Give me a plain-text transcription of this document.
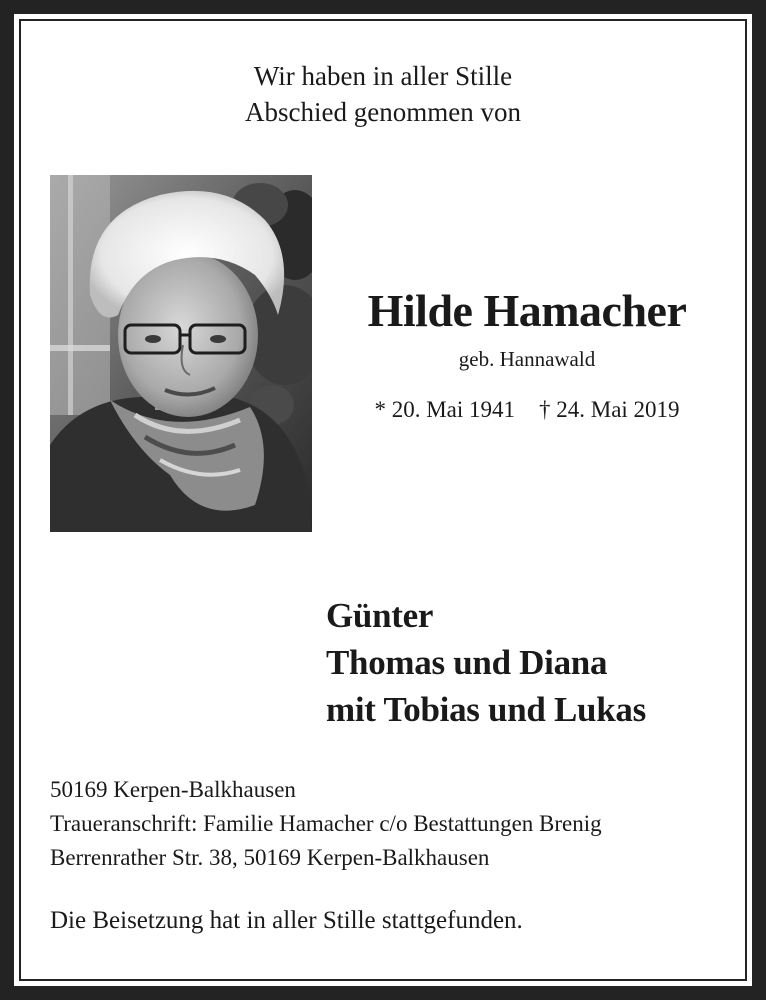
Wir haben in aller Stille
Abschied genommen von
Hilde Hamacher
geb. Hannawald
* 20. Mai 1941 † 24. Mai 2019
Günter
Thomas und Diana
mit Tobias und Lukas
50169 Kerpen-Balkhausen
Traueranschrift: Familie Hamacher c/o Bestattungen Brenig
Berrenrather Str. 38, 50169 Kerpen-Balkhausen
Die Beisetzung hat in aller Stille stattgefunden.
